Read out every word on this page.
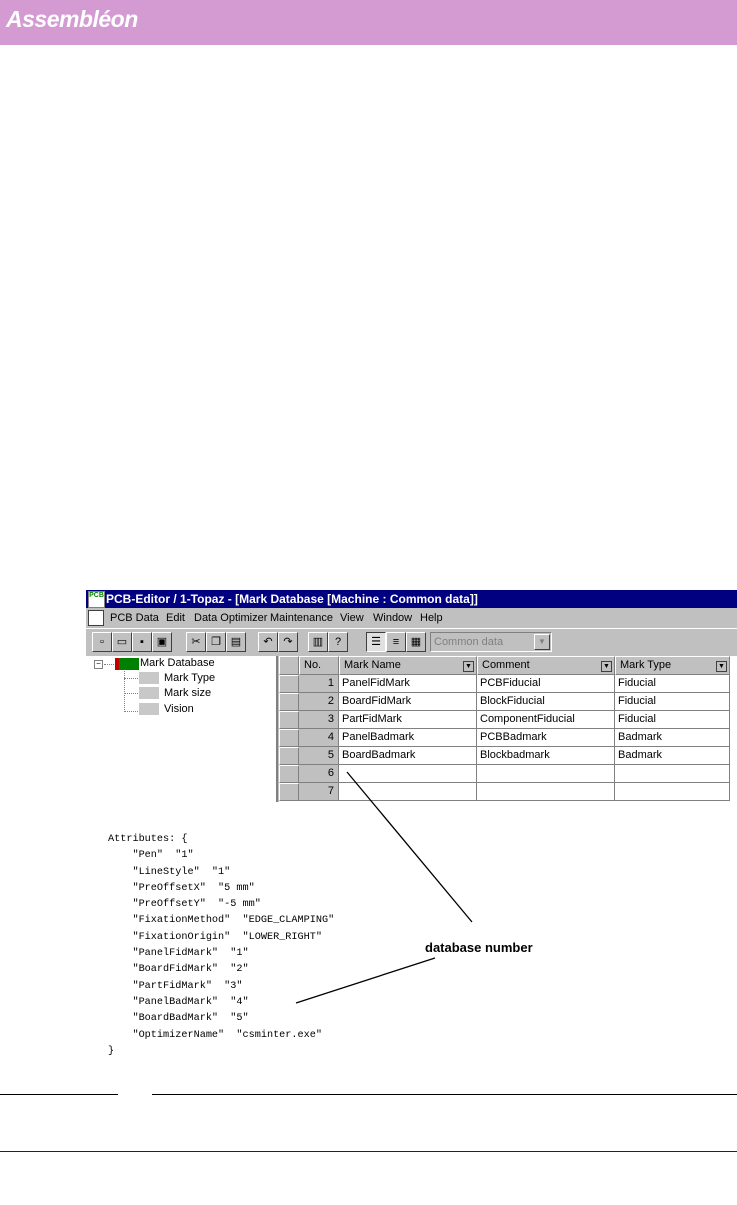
Assembléon
PCB PCB-Editor / 1-Topaz - [Mark Database [Machine : Common data]]
PCB Data Edit Data Optimizer Maintenance View Window Help
▫	▭	▪	▣	✂ ❐ ▤	↶ ↷	▥	?	☰	≡	▦	Common data	▼
−	Mark Database
Mark Type
Mark size
Vision
No.	Mark Name	▼ Comment	▼ Mark Type	▼
1 PanelFidMark	PCBFiducial	Fiducial
2 BoardFidMark	BlockFiducial	Fiducial
3 PartFidMark	ComponentFiducial	Fiducial
4 PanelBadmark	PCBBadmark	Badmark
5 BoardBadmark	Blockbadmark	Badmark
6
7
Attributes: {
"Pen"  "1"
"LineStyle"  "1"
"PreOffsetX"  "5 mm"
"PreOffsetY"  "-5 mm"
"FixationMethod"  "EDGE_CLAMPING"
"FixationOrigin"  "LOWER_RIGHT"
"PanelFidMark"  "1"
"BoardFidMark"  "2"
"PartFidMark"  "3"
"PanelBadMark"  "4"
"BoardBadMark"  "5"
"OptimizerName"  "csminter.exe"
}
database number
